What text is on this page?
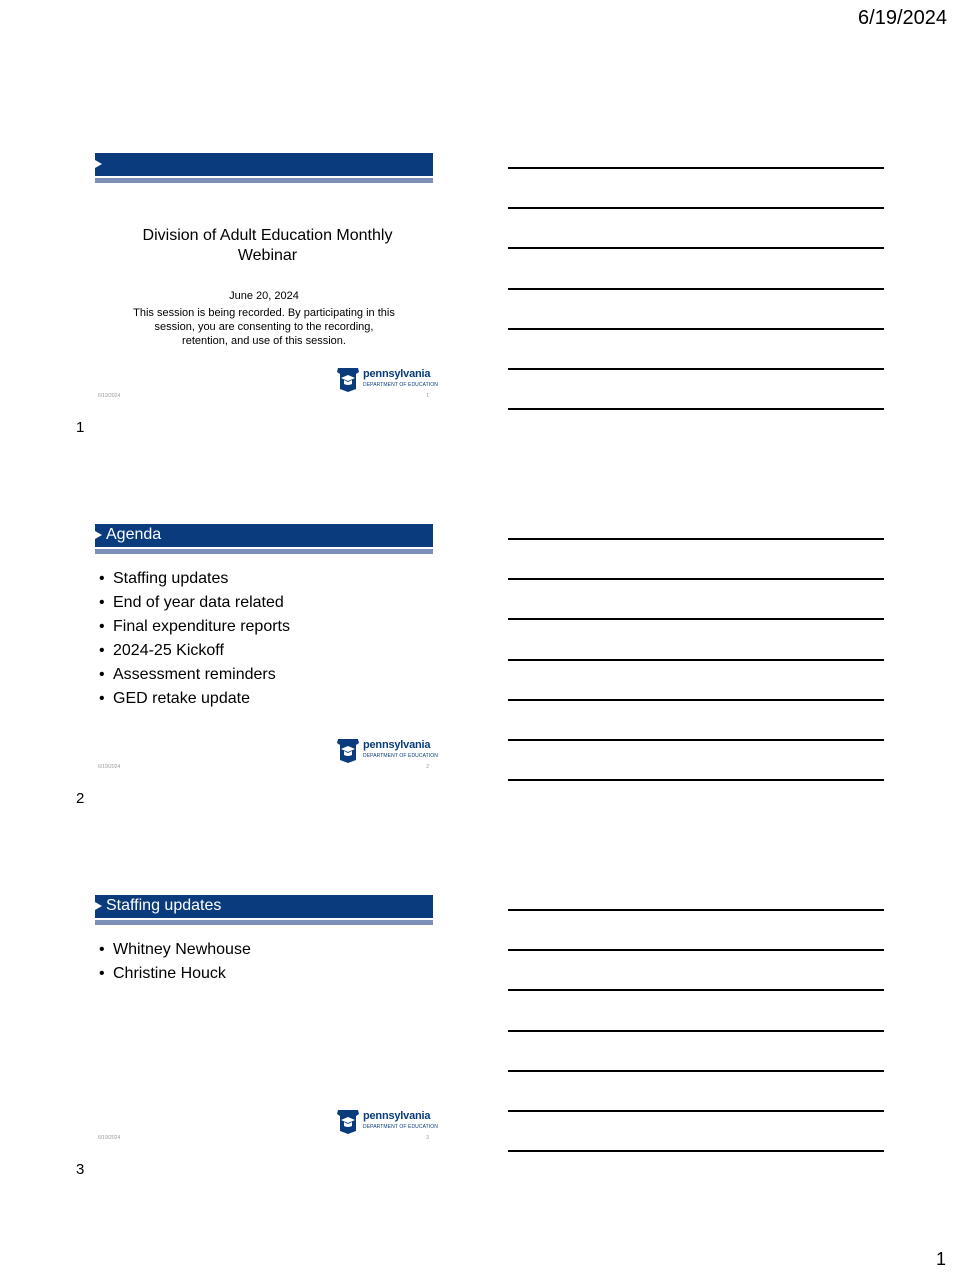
6/19/2024
Division of Adult Education Monthly Webinar
June 20, 2024
This session is being recorded. By participating in this session, you are consenting to the recording, retention, and use of this session.
pennsylvania
DEPARTMENT OF EDUCATION
6/19/2024	1
1
Agenda
• Staffing updates
• End of year data related
• Final expenditure reports
• 2024-25 Kickoff
• Assessment reminders
• GED retake update
pennsylvania
DEPARTMENT OF EDUCATION
6/19/2024	2
2
Staffing updates
• Whitney Newhouse
• Christine Houck
pennsylvania
DEPARTMENT OF EDUCATION
6/19/2024	3
3
1
